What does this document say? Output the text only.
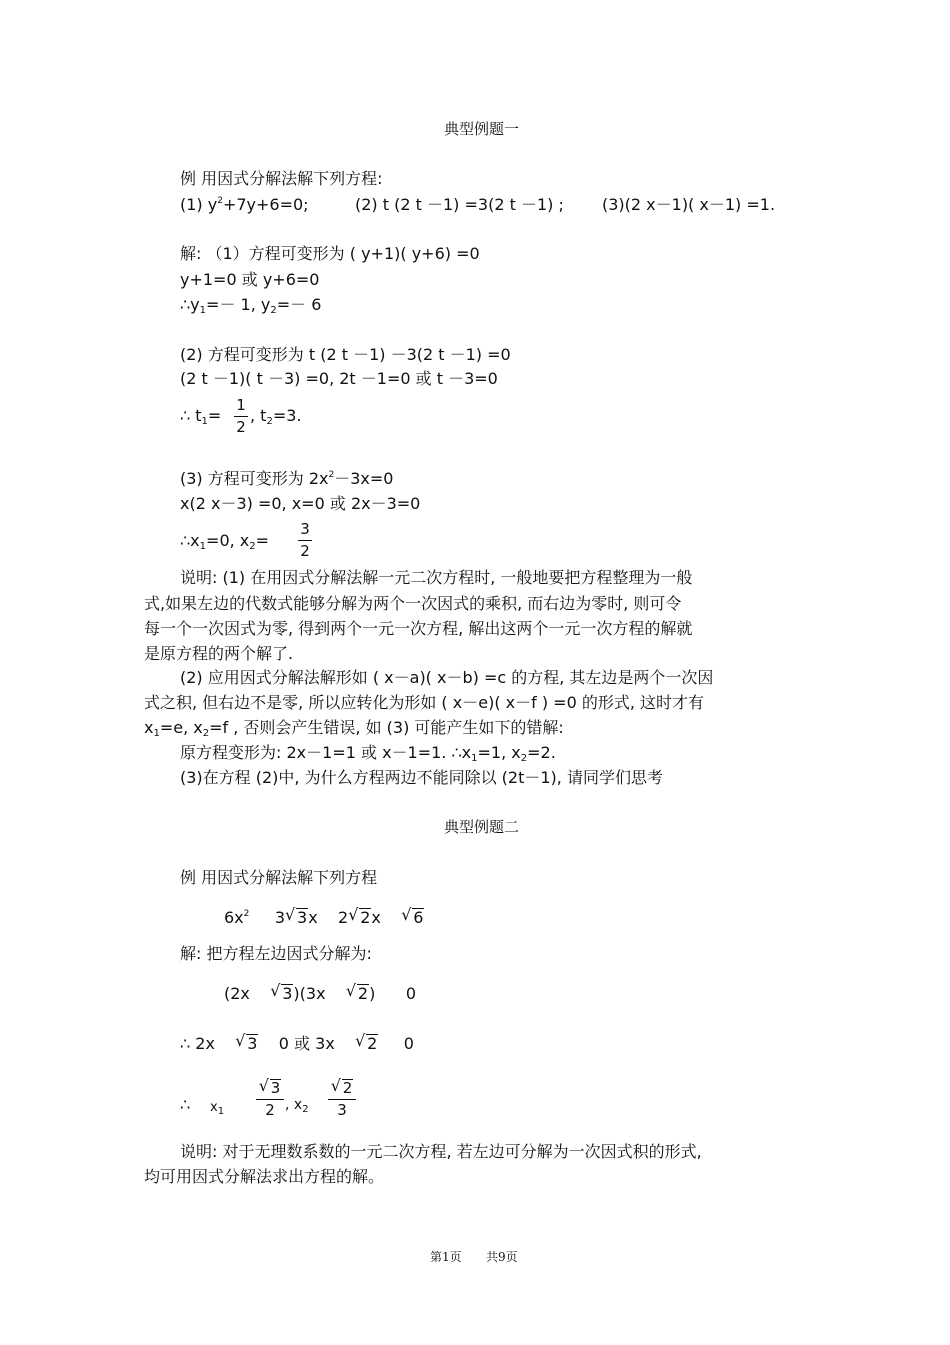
典型例题一
例 用因式分解法解下列方程:
(1) $y^2+7y+6=0$;	(2) t (2 t －1) =3(2 t －1) ; (3)(2 x－1)( x－1) =1.
解: （1）方程可变形为 ( y+1)( y+6) =0
y+1=0 或 y+6=0
∴y1=－ 1, y2=－ 6
(2) 方程可变形为 t (2 t －1) －3(2 t －1) =0
(2 t －1)( t －3) =0, 2t －1=0 或 t －3=0
∴ t1=
1
2
, t2=3.
(3) 方程可变形为 $2x^2-3x=0$
x(2 x－3) =0, x=0 或 2x－3=0
∴x1=0, x2=
3
2
说明: (1) 在用因式分解法解一元二次方程时, 一般地要把方程整理为一般
式,如果左边的代数式能够分解为两个一次因式的乘积, 而右边为零时, 则可令
每一个一次因式为零, 得到两个一元一次方程, 解出这两个一元一次方程的解就
是原方程的两个解了.
(2) 应用因式分解法解形如 ( x－a)( x－b) =c 的方程, 其左边是两个一次因
式之积, 但右边不是零, 所以应转化为形如 ( x－e)( x－f ) =0 的形式, 这时才有
x1=e, x2=f , 否则会产生错误, 如 (3) 可能产生如下的错解:
原方程变形为: 2x－1=1 或 x－1=1. ∴x1=1, x2=2.
(3)在方程 (2)中, 为什么方程两边不能同除以 (2t－1), 请同学们思考
典型例题二
例 用因式分解法解下列方程
$6x^2$ 3 √ 3x 2 √ 2x √ 6
解: 把方程左边因式分解为:
(2x √ 3)(3x √ 2) 0
∴ 2x √ 3 0 或 3x √ 2 0
∴ $x_1$
√ 3
2 , $x_2$
√ 2
3
说明: 对于无理数系数的一元二次方程, 若左边可分解为一次因式积的形式,
均可用因式分解法求出方程的解。
第1页 共9页
